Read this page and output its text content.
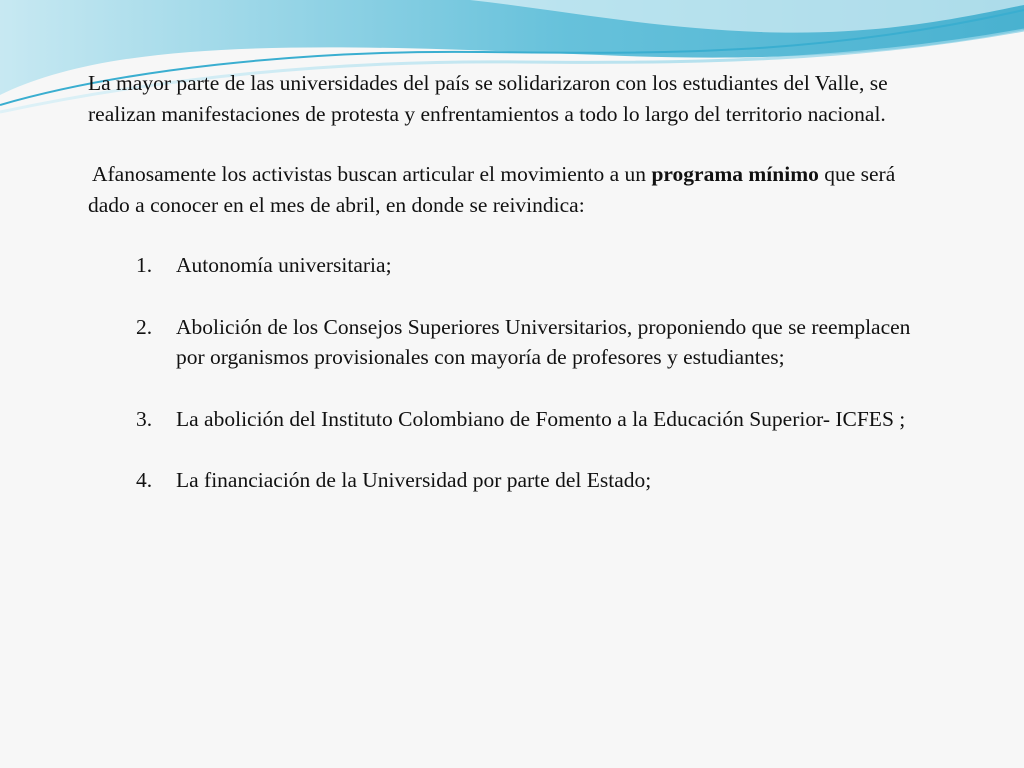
La mayor parte de las universidades del país se solidarizaron con los estudiantes del Valle, se realizan manifestaciones de protesta y enfrentamientos a todo lo largo del territorio nacional.

Afanosamente los activistas buscan articular el movimiento a un programa mínimo que será dado a conocer en el mes de abril, en donde se reivindica:

1. Autonomía universitaria;
2. Abolición de los Consejos Superiores Universitarios, proponiendo que se reemplacen por organismos provisionales con mayoría de profesores y estudiantes;
3. La abolición del Instituto Colombiano de Fomento a la Educación Superior- ICFES ;
4. La financiación de la Universidad por parte del Estado;
